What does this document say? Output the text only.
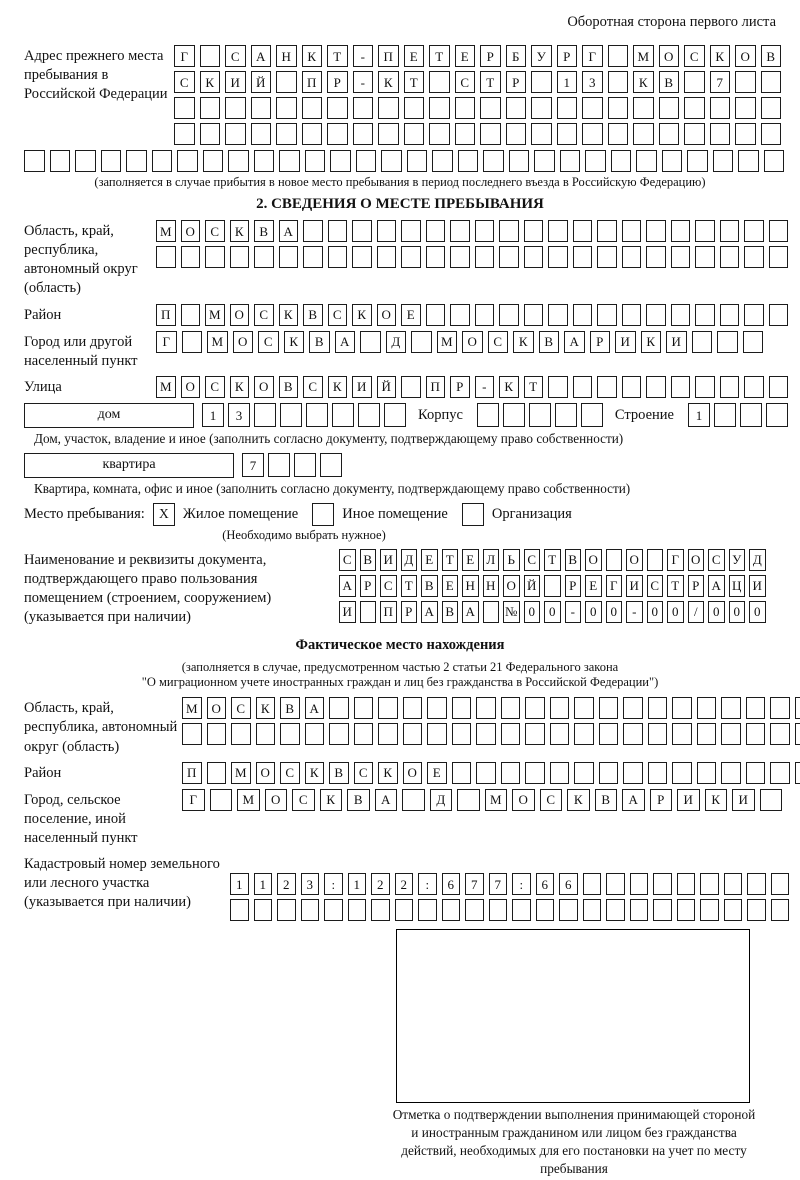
Оборотная сторона первого листа
Адрес прежнего места пребывания в Российской Федерации
Г	С	А	Н	К	Т	-	П	Е	Т	Е	Р	Б	У	Р	Г	М	О	С	К	О	В
С	К	И	Й	П	Р	-	К	Т	С	Т	Р	1	3	К	В	7
(заполняется в случае прибытия в новое место пребывания в период последнего въезда в Российскую Федерацию)
2. СВЕДЕНИЯ О МЕСТЕ ПРЕБЫВАНИЯ
Область, край, республика, автономный округ (область)
М	О	С	К	В	А
Район	П	М	О	С	К	В	С	К	О	Е
Город или другой населенный пункт
Г	М	О	С	К	В	А	Д	М	О	С	К	В	А	Р	И	К	И
Улица	М	О	С	К	О	В	С	К	И	Й	П	Р	-	К	Т
дом	1	3	Корпус	Строение	1
Дом, участок, владение и иное (заполнить согласно документу, подтверждающему право собственности)
квартира	7
Квартира, комната, офис и иное (заполнить согласно документу, подтверждающему право собственности)
Место пребывания:	X Жилое помещение	Иное помещение	Организация
(Необходимо выбрать нужное)
Наименование и реквизиты документа, подтверждающего право пользования помещением (строением, сооружением) (указывается при наличии)
С В И Д Е Т Е Л Ь С Т В О О	Г О С У Д
А Р С Т В Е Н Н О Й	Р Е Г И С Т Р А Ц И
И П Р А В А № 0	0	-	0	0	-	0	0	/	0	0	0
Фактическое место нахождения
(заполняется в случае, предусмотренном частью 2 статьи 21 Федерального закона
"О миграционном учете иностранных граждан и лиц без гражданства в Российской Федерации")
Область, край, республика, автономный округ (область)
М	О	С	К	В	А
Район	П	М	О	С	К	В	С	К	О	Е
Город, сельское поселение, иной населенный пункт
Г	М	О	С	К	В	А	Д	М	О	С	К	В	А	Р	И	К	И
Кадастровый номер земельного или лесного участка (указывается при наличии)
1	1	2	3	:	1	2	2	:	6	7	7	:	6	6
Отметка о подтверждении выполнения принимающей стороной и иностранным гражданином или лицом без гражданства действий, необходимых для его постановки на учет по месту пребывания
